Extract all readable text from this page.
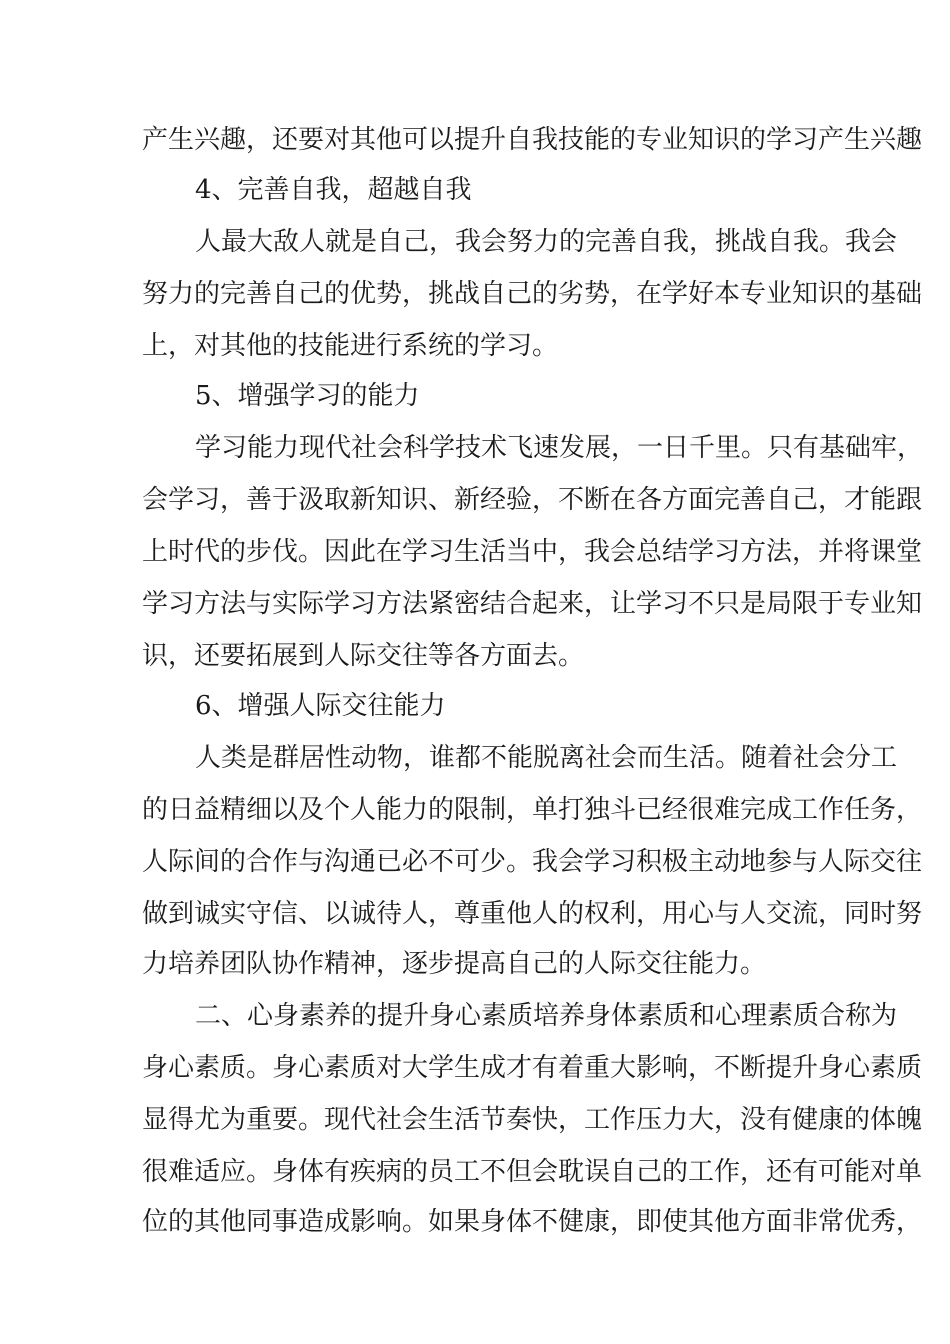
产生兴趣，还要对其他可以提升自我技能的专业知识的学习产生兴趣
4、完善自我，超越自我
人最大敌人就是自己，我会努力的完善自我，挑战自我。我会
努力的完善自己的优势，挑战自己的劣势，在学好本专业知识的基础
上，对其他的技能进行系统的学习。
5、增强学习的能力
学习能力现代社会科学技术飞速发展，一日千里。只有基础牢，
会学习，善于汲取新知识、新经验，不断在各方面完善自己，才能跟
上时代的步伐。因此在学习生活当中，我会总结学习方法，并将课堂
学习方法与实际学习方法紧密结合起来，让学习不只是局限于专业知
识，还要拓展到人际交往等各方面去。
6、增强人际交往能力
人类是群居性动物，谁都不能脱离社会而生活。随着社会分工
的日益精细以及个人能力的限制，单打独斗已经很难完成工作任务，
人际间的合作与沟通已必不可少。我会学习积极主动地参与人际交往
做到诚实守信、以诚待人，尊重他人的权利，用心与人交流，同时努
力培养团队协作精神，逐步提高自己的人际交往能力。
二、心身素养的提升身心素质培养身体素质和心理素质合称为
身心素质。身心素质对大学生成才有着重大影响，不断提升身心素质
显得尤为重要。现代社会生活节奏快，工作压力大，没有健康的体魄
很难适应。身体有疾病的员工不但会耽误自己的工作，还有可能对单
位的其他同事造成影响。如果身体不健康，即使其他方面非常优秀，
